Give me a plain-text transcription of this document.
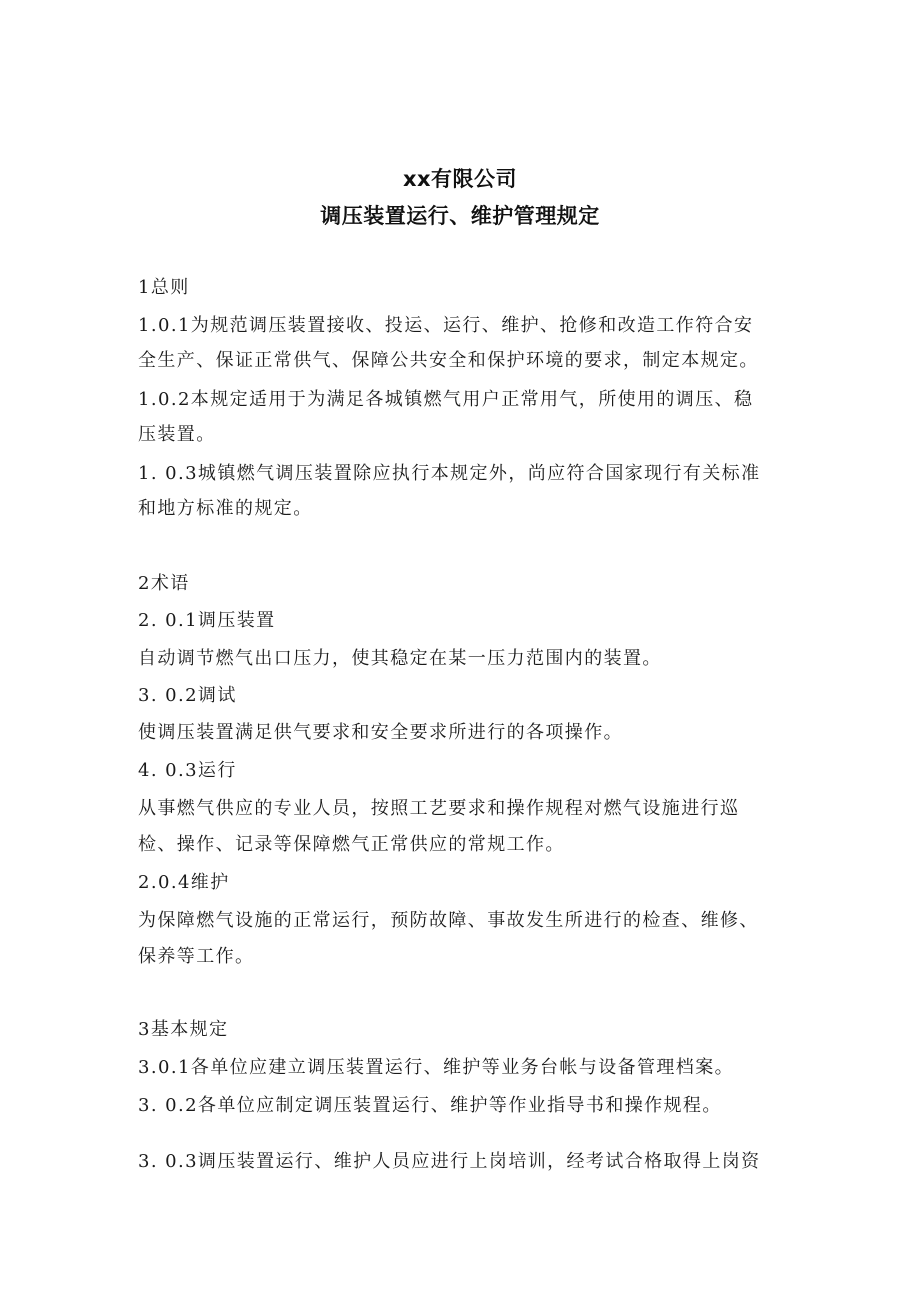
xx有限公司
调压装置运行、维护管理规定
1总则
1.0.1为规范调压装置接收、投运、运行、维护、抢修和改造工作符合安
全生产、保证正常供气、保障公共安全和保护环境的要求，制定本规定。
1.0.2本规定适用于为满足各城镇燃气用户正常用气，所使用的调压、稳
压装置。
1. 0.3城镇燃气调压装置除应执行本规定外，尚应符合国家现行有关标准
和地方标准的规定。
2术语
2. 0.1调压装置
自动调节燃气出口压力，使其稳定在某一压力范围内的装置。
3. 0.2调试
使调压装置满足供气要求和安全要求所进行的各项操作。
4. 0.3运行
从事燃气供应的专业人员，按照工艺要求和操作规程对燃气设施进行巡
检、操作、记录等保障燃气正常供应的常规工作。
2.0.4维护
为保障燃气设施的正常运行，预防故障、事故发生所进行的检查、维修、
保养等工作。
3基本规定
3.0.1各单位应建立调压装置运行、维护等业务台帐与设备管理档案。
3. 0.2各单位应制定调压装置运行、维护等作业指导书和操作规程。
3. 0.3调压装置运行、维护人员应进行上岗培训，经考试合格取得上岗资
